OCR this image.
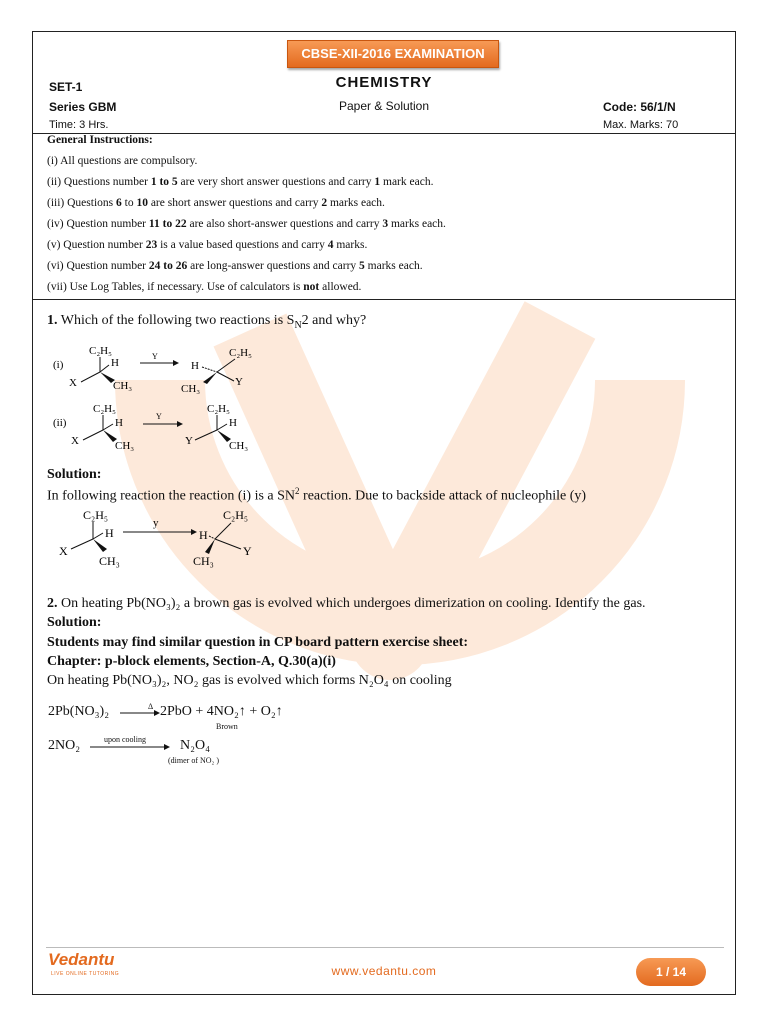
CBSE-XII-2016 EXAMINATION
CHEMISTRY
Paper & Solution
SET-1
Series GBM	Code: 56/1/N
Time: 3 Hrs.	Max. Marks: 70
General Instructions:
(i) All questions are compulsory.
(ii) Questions number 1 to 5 are very short answer questions and carry 1 mark each.
(iii) Questions 6 to 10 are short answer questions and carry 2 marks each.
(iv) Question number 11 to 22 are also short-answer questions and carry 3 marks each.
(v) Question number 23 is a value based questions and carry 4 marks.
(vi) Question number 24 to 26 are long-answer questions and carry 5 marks each.
(vii) Use Log Tables, if necessary. Use of calculators is not allowed.
1. Which of the following two reactions is $S_N2$ and why?
(i)
C₂H₅
H
X	CH₃
Y	C₂H₅
H
CH₃
Y
(ii)
C₂H₅
H
X	CH₃
Y
C₂H₅
H
Y	CH₃
Solution:
In following reaction the reaction (i) is a $SN^2$ reaction. Due to backside attack of nucleophile (y)
C₂H₅
H
X
CH₃
y
C₂H₅
H
CH₃
Y
2. On heating Pb(NO₃)₂ a brown gas is evolved which undergoes dimerization on cooling. Identify the gas.
Solution:
Students may find similar question in CP board pattern exercise sheet:
Chapter: p-block elements, Section-A, Q.30(a)(i)
On heating Pb(NO₃)₂, NO₂ gas is evolved which forms N₂O₄ on cooling
2Pb(NO₃)₂	Δ → 2PbO + 4NO₂↑ + O₂↑
Brown
2NO₂	upon cooling N₂O₄
(dimer of NO₂ )
Vedantu
LIVE ONLINE TUTORING	www.vedantu.com	1 / 14
